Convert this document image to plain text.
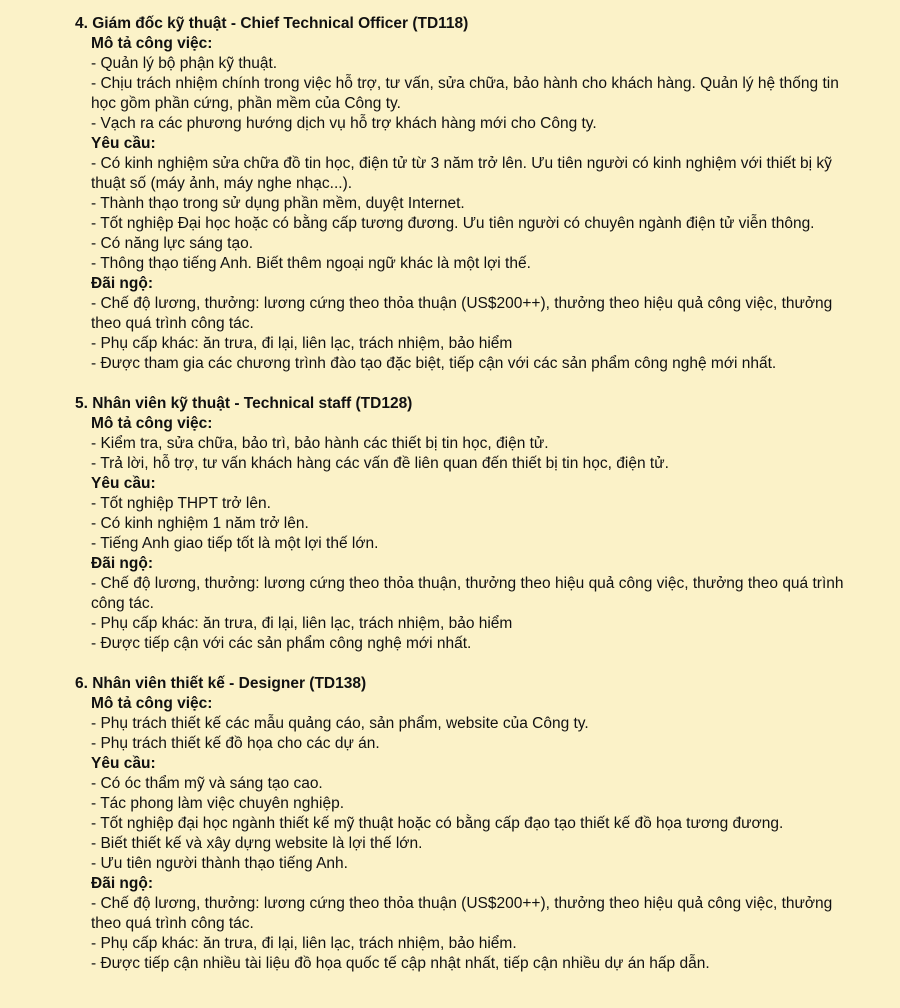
4. Giám đốc kỹ thuật - Chief Technical Officer (TD118)

Mô tả công việc:

- Quản lý bộ phận kỹ thuật.

- Chịu trách nhiệm chính trong việc hỗ trợ, tư vấn, sửa chữa, bảo hành cho khách hàng. Quản lý hệ thống tin học gồm phần cứng, phần mềm của Công ty.

- Vạch ra các phương hướng dịch vụ hỗ trợ khách hàng mới cho Công ty.

Yêu cầu:

- Có kinh nghiệm sửa chữa đồ tin học, điện tử từ 3 năm trở lên. Ưu tiên người có kinh nghiệm với thiết bị kỹ thuật số (máy ảnh, máy nghe nhạc...).

- Thành thạo trong sử dụng phần mềm, duyệt Internet.

- Tốt nghiệp Đại học hoặc có bằng cấp tương đương. Ưu tiên người có chuyên ngành điện tử viễn thông.

- Có năng lực sáng tạo.

- Thông thạo tiếng Anh. Biết thêm ngoại ngữ khác là một lợi thế.

Đãi ngộ:

- Chế độ lương, thưởng: lương cứng theo thỏa thuận (US$200++), thưởng theo hiệu quả công việc, thưởng theo quá trình công tác.

- Phụ cấp khác: ăn trưa, đi lại, liên lạc, trách nhiệm, bảo hiểm

- Được tham gia các chương trình đào tạo đặc biệt, tiếp cận với các sản phẩm công nghệ mới nhất.

5. Nhân viên kỹ thuật - Technical staff (TD128)

Mô tả công việc:

- Kiểm tra, sửa chữa, bảo trì, bảo hành các thiết bị tin học, điện tử.

- Trả lời, hỗ trợ, tư vấn khách hàng các vấn đề liên quan đến thiết bị tin học, điện tử.

Yêu cầu:

- Tốt nghiệp THPT trở lên.

- Có kinh nghiệm 1 năm trở lên.

- Tiếng Anh giao tiếp tốt là một lợi thế lớn.

Đãi ngộ:

- Chế độ lương, thưởng: lương cứng theo thỏa thuận, thưởng theo hiệu quả công việc, thưởng theo quá trình công tác.

- Phụ cấp khác: ăn trưa, đi lại, liên lạc, trách nhiệm, bảo hiểm

- Được tiếp cận với các sản phẩm công nghệ mới nhất.

6. Nhân viên thiết kế - Designer (TD138)

Mô tả công việc:

- Phụ trách thiết kế các mẫu quảng cáo, sản phẩm, website của Công ty.

- Phụ trách thiết kế đồ họa cho các dự án.

Yêu cầu:

- Có óc thẩm mỹ và sáng tạo cao.

- Tác phong làm việc chuyên nghiệp.

- Tốt nghiệp đại học ngành thiết kế mỹ thuật hoặc có bằng cấp đạo tạo thiết kế đồ họa tương đương.

- Biết thiết kế và xây dựng website là lợi thế lớn.

- Ưu tiên người thành thạo tiếng Anh.

Đãi ngộ:

- Chế độ lương, thưởng: lương cứng theo thỏa thuận (US$200++), thưởng theo hiệu quả công việc, thưởng theo quá trình công tác.

- Phụ cấp khác: ăn trưa, đi lại, liên lạc, trách nhiệm, bảo hiểm.

- Được tiếp cận nhiều tài liệu đồ họa quốc tế cập nhật nhất, tiếp cận nhiều dự án hấp dẫn.
